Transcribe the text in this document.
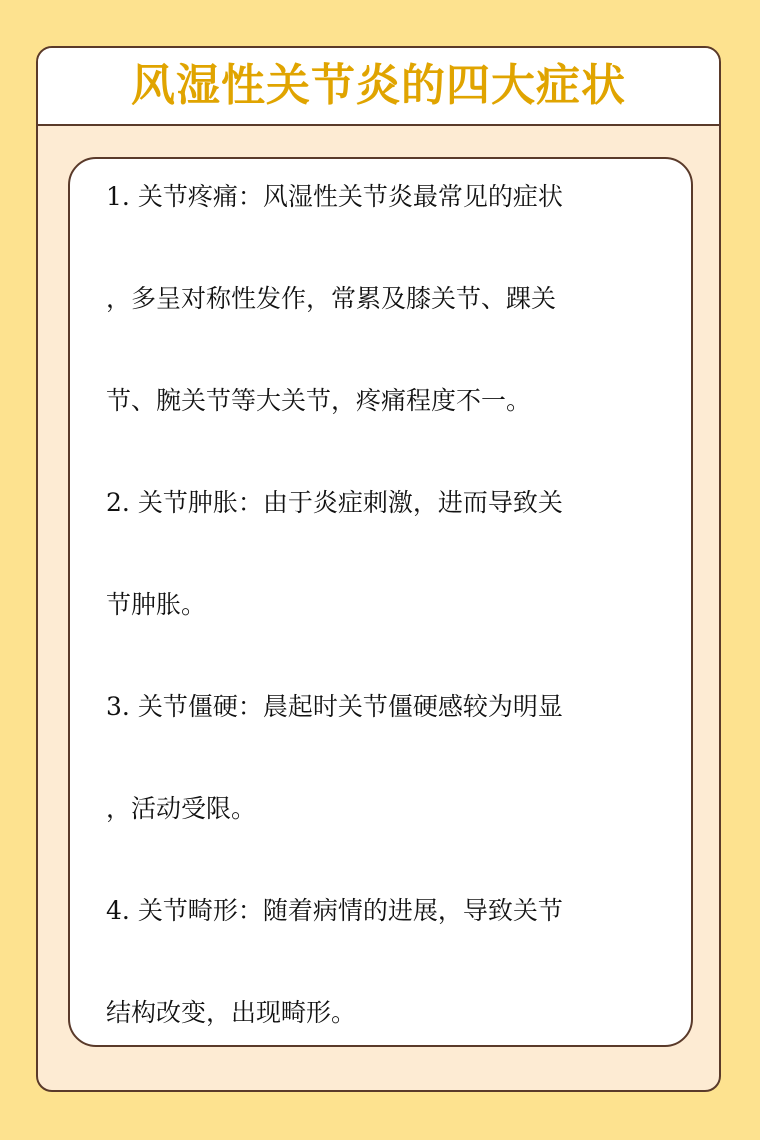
风湿性关节炎的四大症状
1. 关节疼痛：风湿性关节炎最常见的症状
，多呈对称性发作，常累及膝关节、踝关
节、腕关节等大关节，疼痛程度不一。
2. 关节肿胀：由于炎症刺激，进而导致关
节肿胀。
3. 关节僵硬：晨起时关节僵硬感较为明显
，活动受限。
4. 关节畸形：随着病情的进展，导致关节
结构改变，出现畸形。
